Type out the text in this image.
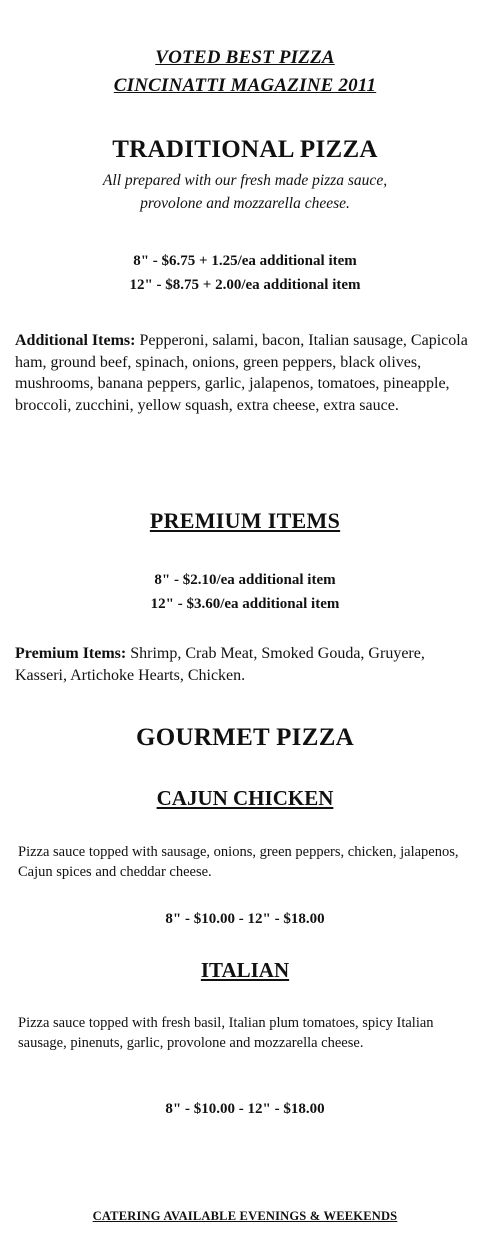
VOTED BEST PIZZA
CINCINATTI MAGAZINE 2011
TRADITIONAL PIZZA
All prepared with our fresh made pizza sauce,
provolone and mozzarella cheese.
8" - $6.75 + 1.25/ea additional item
12" - $8.75 + 2.00/ea additional item
Additional Items: Pepperoni, salami, bacon, Italian sausage, Capicola ham, ground beef, spinach, onions, green peppers, black olives, mushrooms, banana peppers, garlic, jalapenos, tomatoes, pineapple, broccoli, zucchini, yellow squash, extra cheese, extra sauce.
PREMIUM ITEMS
8" - $2.10/ea additional item
12" - $3.60/ea additional item
Premium Items: Shrimp, Crab Meat, Smoked Gouda, Gruyere, Kasseri, Artichoke Hearts, Chicken.
GOURMET PIZZA
CAJUN CHICKEN
Pizza sauce topped with sausage, onions, green peppers, chicken, jalapenos, Cajun spices and cheddar cheese.
8" - $10.00 - 12" - $18.00
ITALIAN
Pizza sauce topped with fresh basil, Italian plum tomatoes, spicy Italian sausage, pinenuts, garlic, provolone and mozzarella cheese.
8" - $10.00 - 12" - $18.00
CATERING AVAILABLE EVENINGS & WEEKENDS
